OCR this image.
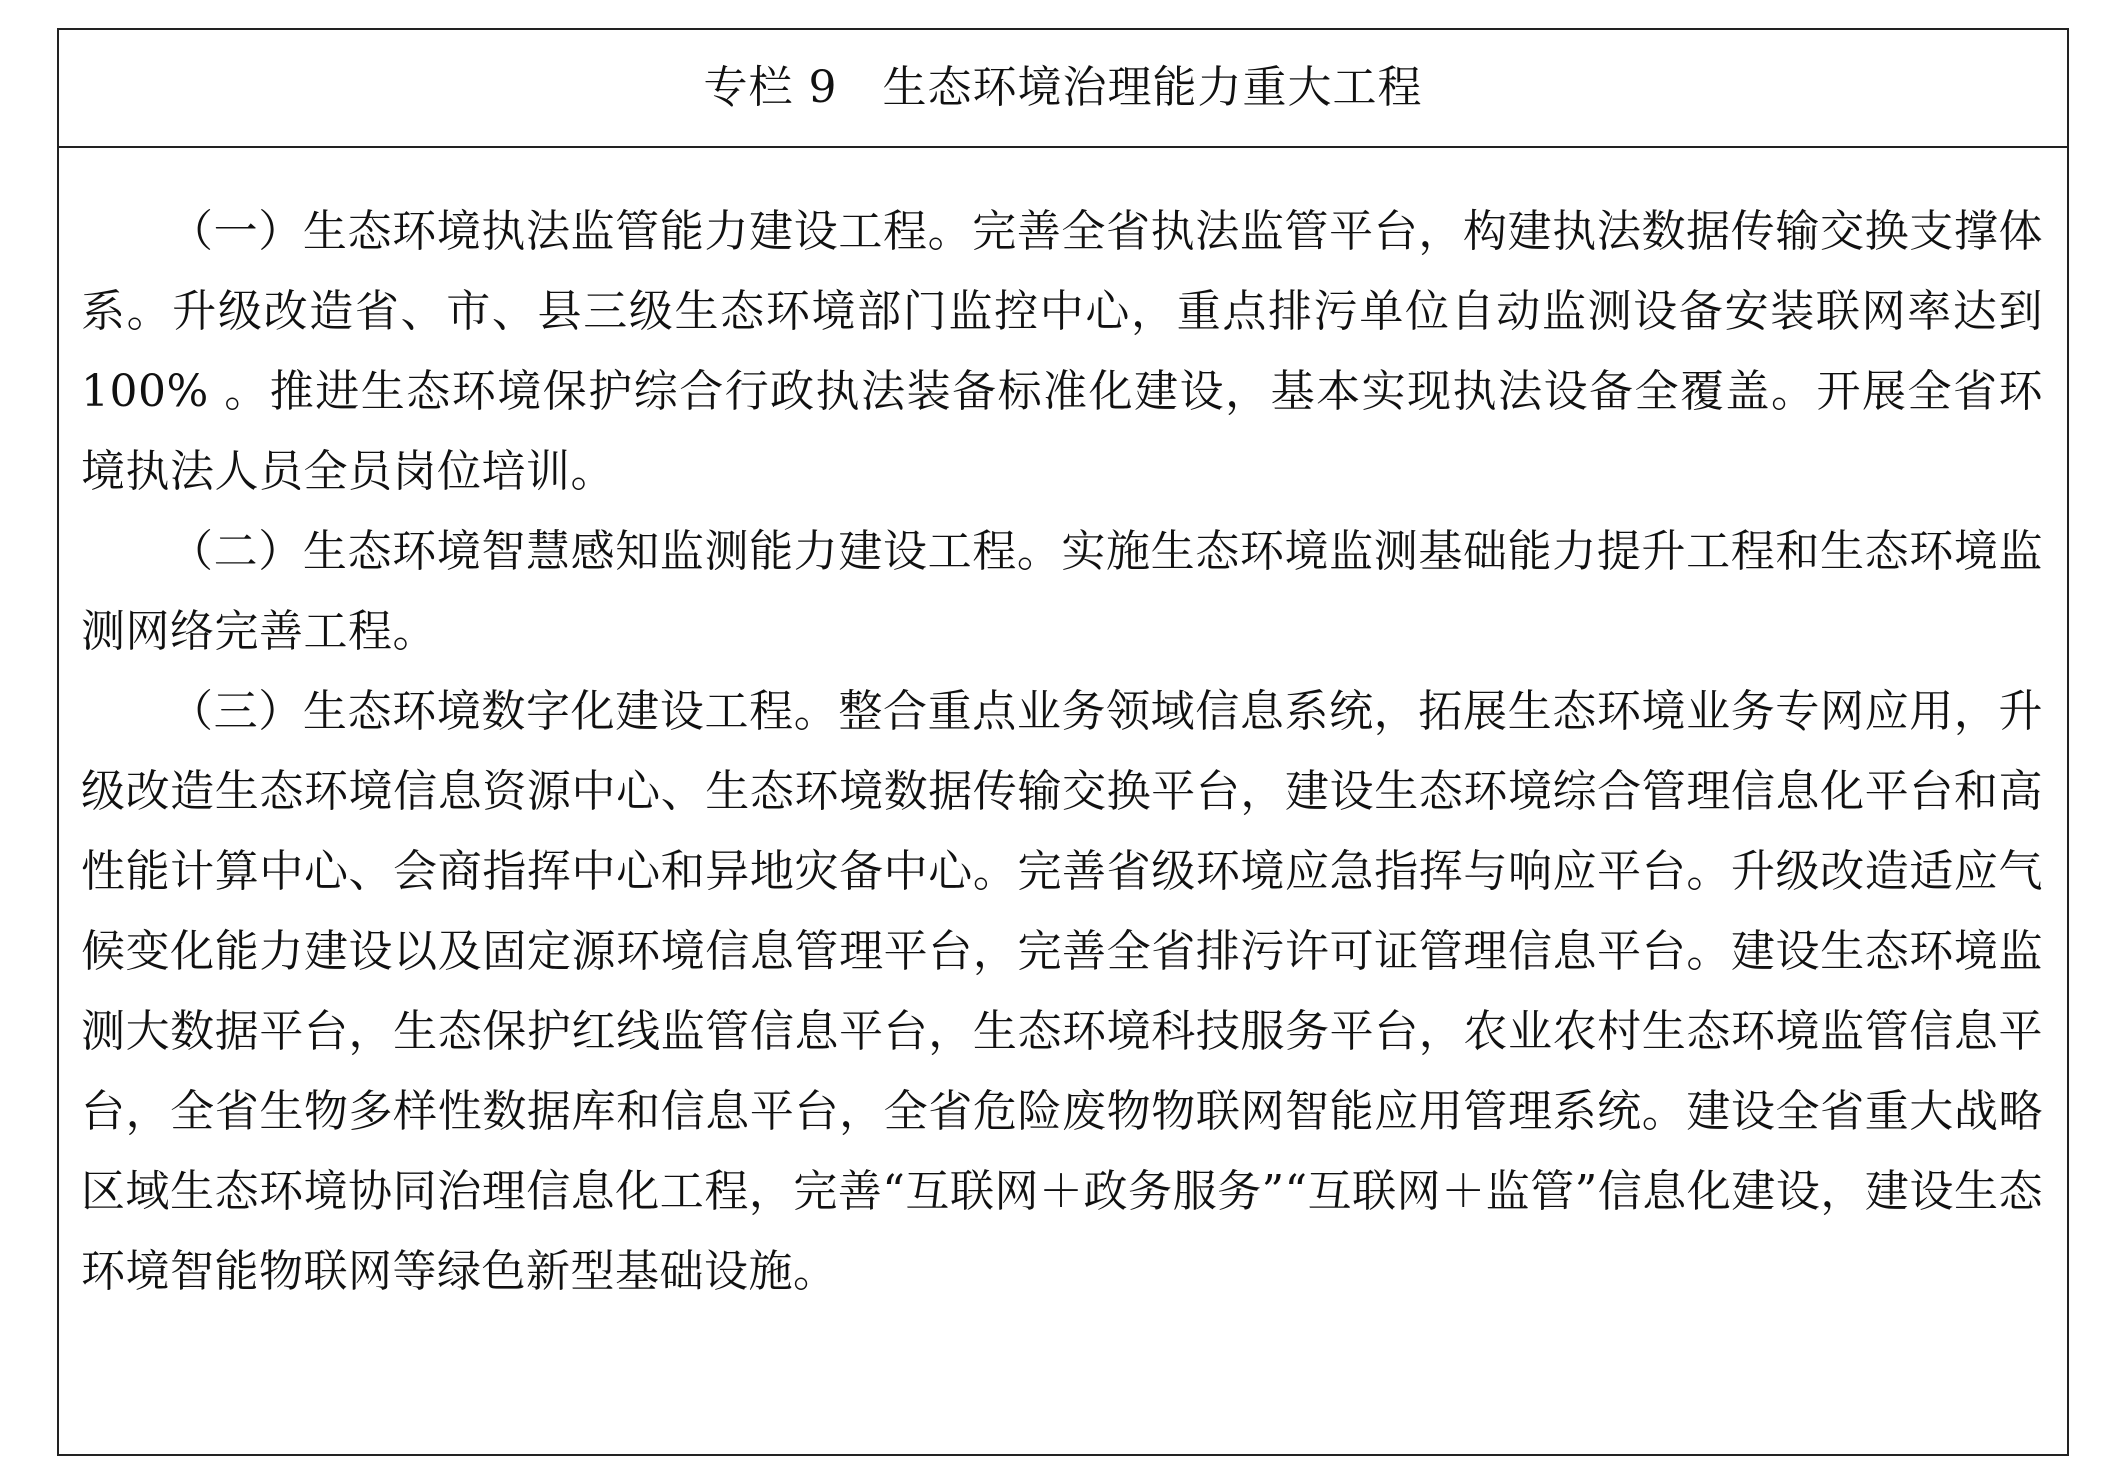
专栏 9　生态环境治理能力重大工程

（一）生态环境执法监管能力建设工程。完善全省执法监管平台，构建执法数据传输交换支撑体系。升级改造省、市、县三级生态环境部门监控中心，重点排污单位自动监测设备安装联网率达到 100% 。推进生态环境保护综合行政执法装备标准化建设，基本实现执法设备全覆盖。开展全省环境执法人员全员岗位培训。

（二）生态环境智慧感知监测能力建设工程。实施生态环境监测基础能力提升工程和生态环境监测网络完善工程。

（三）生态环境数字化建设工程。整合重点业务领域信息系统，拓展生态环境业务专网应用，升级改造生态环境信息资源中心、生态环境数据传输交换平台，建设生态环境综合管理信息化平台和高性能计算中心、会商指挥中心和异地灾备中心。完善省级环境应急指挥与响应平台。升级改造适应气候变化能力建设以及固定源环境信息管理平台，完善全省排污许可证管理信息平台。建设生态环境监测大数据平台，生态保护红线监管信息平台，生态环境科技服务平台，农业农村生态环境监管信息平台，全省生物多样性数据库和信息平台，全省危险废物物联网智能应用管理系统。建设全省重大战略区域生态环境协同治理信息化工程，完善“互联网＋政务服务”“互联网＋监管”信息化建设，建设生态环境智能物联网等绿色新型基础设施。
